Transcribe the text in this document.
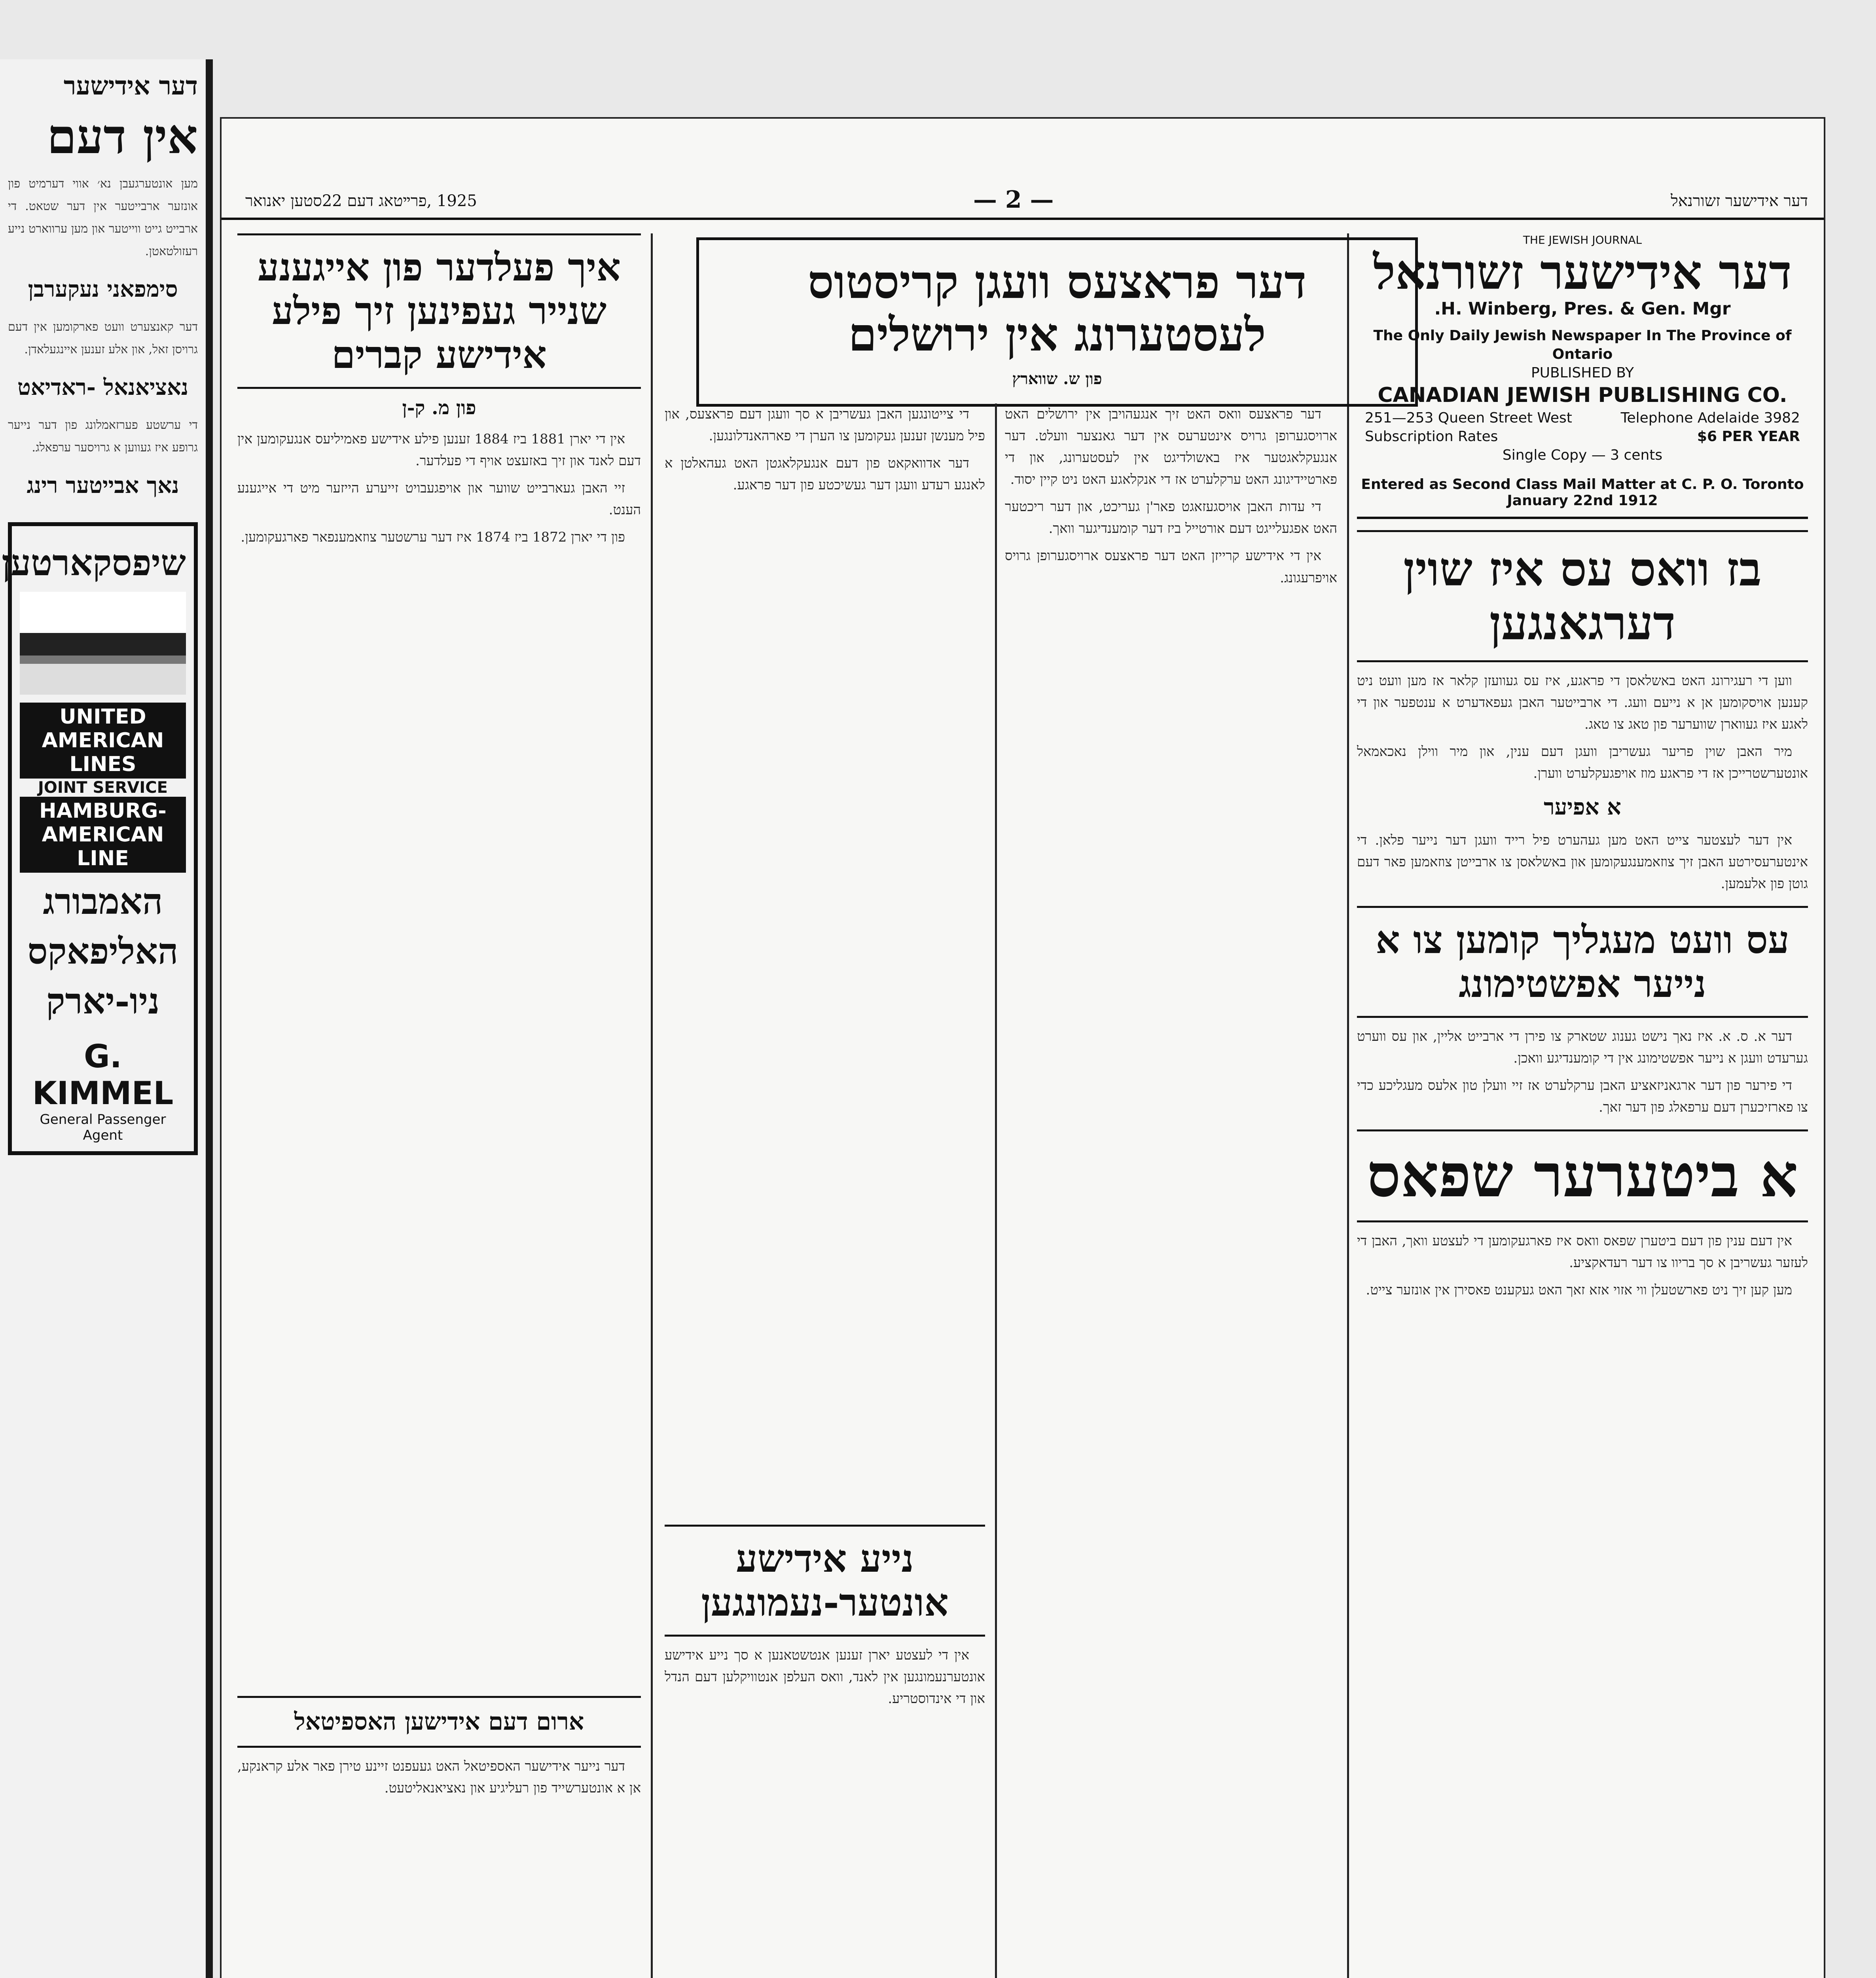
דער אידישער
אין דעם
מען אונטערגעבן נא׳ אווי דערמיט פון אונזער ארבייטער אין דער שטאט. די ארבייט גייט ווייטער און מען ערווארט נייע רעזולטאטן.
סימפאני נעקערבן
דער קאנצערט וועט פארקומען אין דעם גרויסן זאל, און אלע זענען איינגעלאדן.
נאציאנאל -ראדיאט
די ערשטע פערזאמלונג פון דער נייער גרופע איז געווען א גרויסער ערפאלג.
נאך אבייטער רינג
שיפסקארטען
UNITED AMERICAN LINES
JOINT SERVICE
HAMBURG-AMERICAN LINE
האמבורג
האליפאקס
ניו-יארק
G. KIMMEL
General Passenger Agent
דער אידישער זשורנאל
— 2 —
1925 ,פרײטאג דעם 22סטען יאנואר
THE JEWISH JOURNAL
דער אידישער זשורנאל
H. Winberg, Pres. & Gen. Mgr.
The Only Daily Jewish Newspaper In The Province of Ontario
PUBLISHED BY
CANADIAN JEWISH PUBLISHING CO.
251—253 Queen Street West	Telephone Adelaide 3982
Subscription Rates	$6 PER YEAR
Single Copy — 3 cents
Entered as Second Class Mail Matter at C. P. O. Toronto
January 22nd 1912
בז וואס עס איז שוין דערגאנגען

ווען די רעגירונג האט באשלאסן די פראגע, איז עס געוועזן קלאר אז מען וועט ניט קענען אויסקומען אן א נייעם וועג. די ארבייטער האבן געפאדערט א ענטפער און די לאגע איז געווארן שווערער פון טאג צו טאג.

מיר האבן שוין פריער געשריבן וועגן דעם ענין, און מיר ווילן נאכאמאל אונטערשטרייכן אז די פראגע מוז אויפגעקלערט ווערן.

א אפיער

אין דער לעצטער צייט האט מען געהערט פיל רייד וועגן דער נייער פלאן. די אינטערעסירטע האבן זיך צוזאמענגעקומען און באשלאסן צו ארבייטן צוזאמען פאר דעם גוטן פון אלעמען.

עס וועט מעגליך קומען צו א נייער אפשטימונג

דער א. ס. א. איז נאך נישט גענוג שטארק צו פירן די ארבייט אליין, און עס ווערט גערעדט וועגן א נייער אפשטימונג אין די קומענדיגע וואכן.

די פירער פון דער ארגאניזאציע האבן ערקלערט אז זיי וועלן טון אלעס מעגליכע כדי צו פארזיכערן דעם ערפאלג פון דער זאך.

א ביטערער שפאס

אין דעם ענין פון דעם ביטערן שפאס וואס איז פארגעקומען די לעצטע וואך, האבן די לעזער געשריבן א סך בריוו צו דער רעדאקציע.

מען קען זיך ניט פארשטעלן ווי אזוי אזא זאך האט געקענט פאסירן אין אונזער צייט.

דער פראצעס וועגן קריסטוס לעסטערונג אין ירושלים
פון ש. שווארץ

דער פראצעס וואס האט זיך אנגעהויבן אין ירושלים האט ארויסגערופן גרויס אינטערעס אין דער גאנצער וועלט. דער אנגעקלאגטער איז באשולדיגט אין לעסטערונג, און די פארטיידיגונג האט ערקלערט אז די אנקלאגע האט ניט קיין יסוד.

די עדות האבן אויסגעזאגט פאר'ן געריכט, און דער ריכטער האט אפגעלייגט דעם אורטייל ביז דער קומענדיגער וואך.

אין די אידישע קרייזן האט דער פראצעס ארויסגערופן גרויס אויפרעגונג.

די צייטונגען האבן געשריבן א סך וועגן דעם פראצעס, און פיל מענשן זענען געקומען צו הערן די פארהאנדלונגען.

דער אדוואקאט פון דעם אנגעקלאגטן האט געהאלטן א לאנגע רעדע וועגן דער געשיכטע פון דער פראגע.

נייע אידישע אונטער-נעמונגען

אין די לעצטע יארן זענען אנטשטאנען א סך נייע אידישע אונטערנעמונגען אין לאנד, וואס העלפן אנטוויקלען דעם הנדל און די אינדוסטריע.

איך פעלדער פון אייגענע שנייר געפינען זיך פילע אידישע קברים
פון מ. ק-ן

אין די יארן 1881 ביז 1884 זענען פילע אידישע פאמיליעס אנגעקומען אין דעם לאנד און זיך באזעצט אויף די פעלדער.

זיי האבן געארבייט שווער און אויפגעבויט זייערע הייזער מיט די אייגענע הענט.

פון די יארן 1872 ביז 1874 איז דער ערשטער צוזאמענפאר פארגעקומען.

ארום דעם אידישען האספיטאל

דער נייער אידישער האספיטאל האט געעפנט זיינע טירן פאר אלע קראנקע, אן א אונטערשייד פון רעליגיע און נאציאנאליטעט.
